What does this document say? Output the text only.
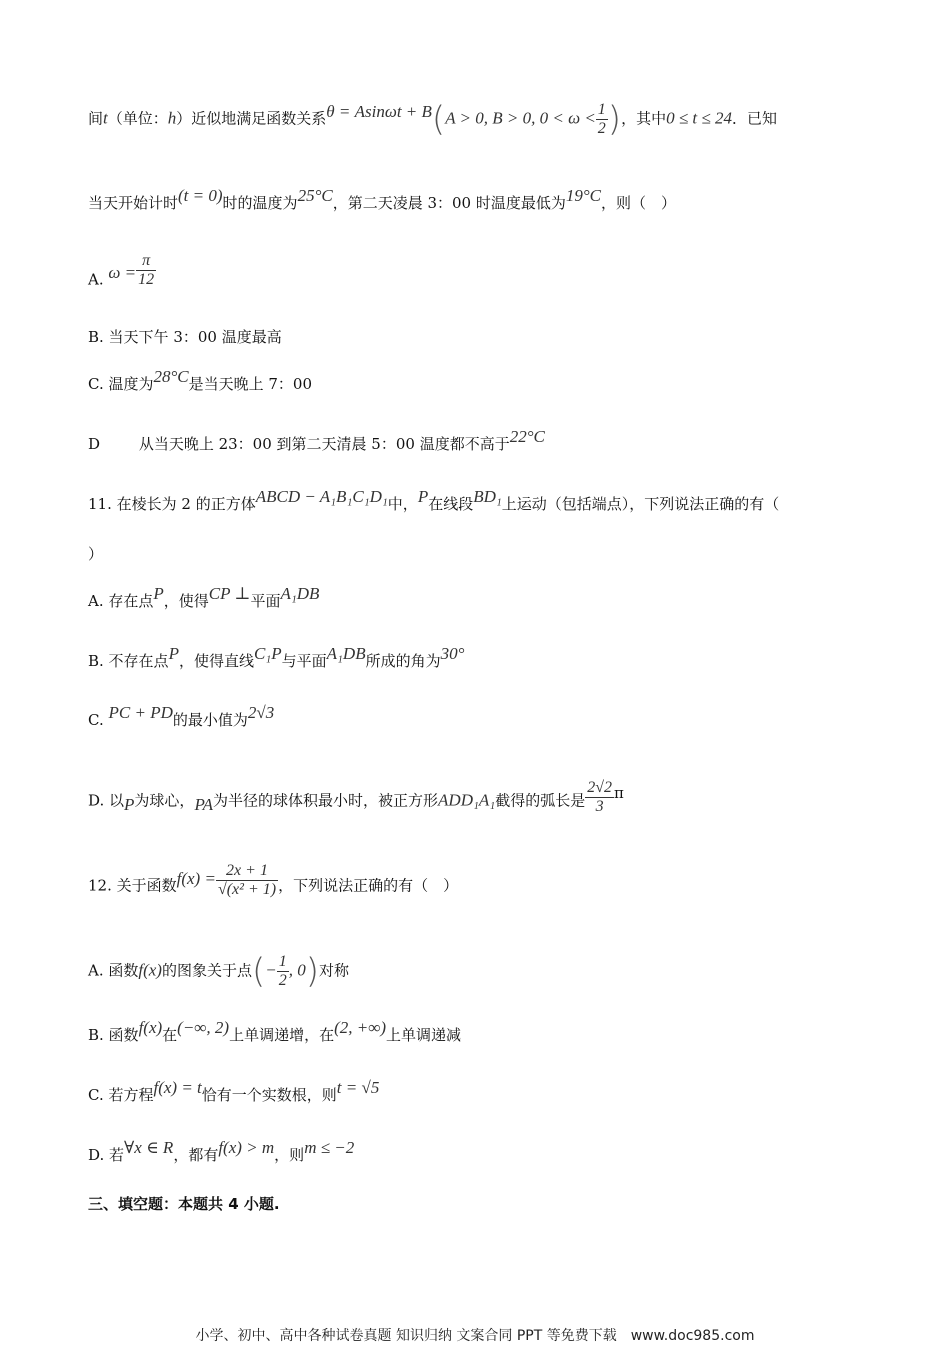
间t（单位：h）近似地满足函数关系θ = Asinωt + B(A > 0, B > 0, $0 < \omega < \frac{1}{2}$ )，其中0 ≤ t ≤ 24．已知
当天开始计时(t = 0)时的温度为25°C，第二天凌晨 3：00 时温度最低为19°C，则（　）
A. $\omega = \frac{\pi}{12}$
B. 当天下午 3：00 温度最高
C. 温度为28°C是当天晚上 7：00
D	从当天晚上 23：00 到第二天清晨 5：00 温度都不高于22°C
11. 在棱长为 2 的正方体ABCD − A₁B₁C₁D₁中，P在线段BD₁上运动（包括端点），下列说法正确的有（
）
A. 存在点P，使得CP ⊥平面A₁DB
B. 不存在点P，使得直线C₁P与平面A₁DB所成的角为30°
C. PC + PD的最小值为2√3
D. 以P为球心，PA为半径的球体积最小时，被正方形ADD₁A₁截得的弧长是 $\frac{2√2}{3}$ π
12. 关于函数$f(x) = \frac{2x + 1}{\text{√(x² + 1)}}$ ，下列说法正确的有（　）
A. 函数f(x)的图象关于点(− $\frac{1}{2}$ , 0)对称
B. 函数f(x)在(−∞, 2)上单调递增，在(2, +∞)上单调递减
C. 若方程f(x) = t恰有一个实数根，则t = √5
D. 若∀x ∈ R，都有f(x) > m，则m ≤ −2
三、填空题：本题共 4 小题.
小学、初中、高中各种试卷真题 知识归纳 文案合同 PPT 等免费下载　www.doc985.com
